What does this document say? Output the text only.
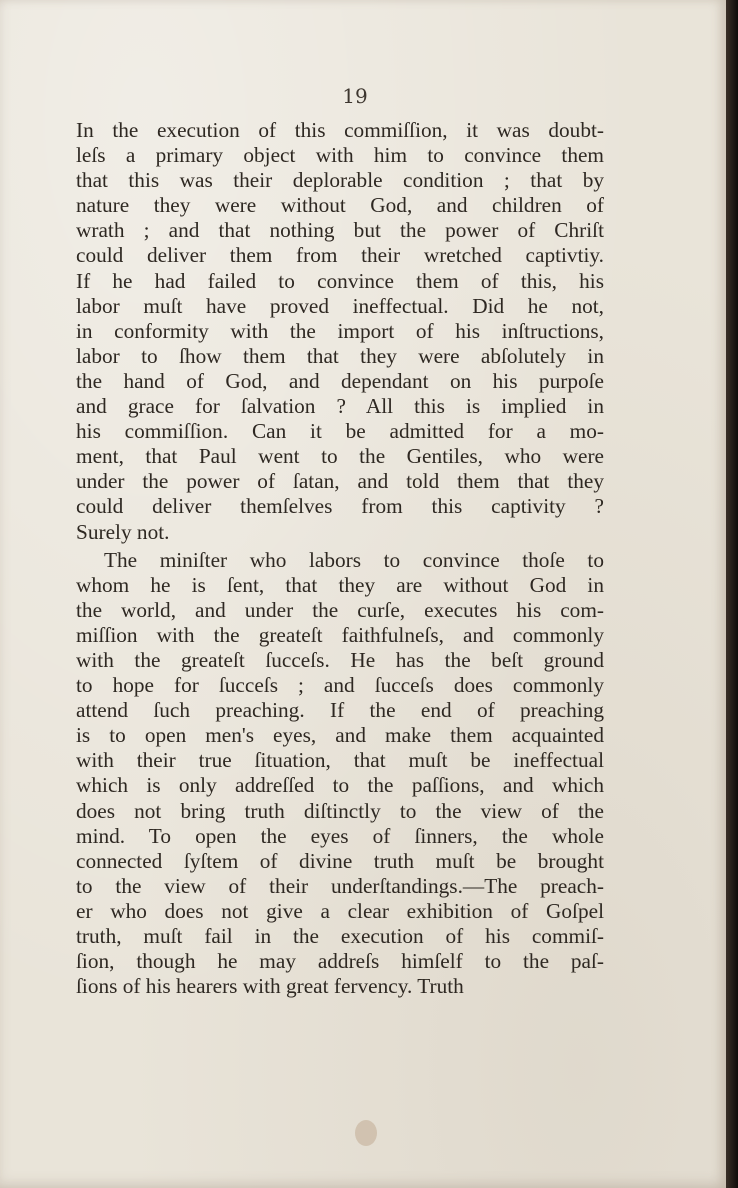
19
In the execution of this commiſſion, it was doubt-
leſs a primary object with him to convince them
that this was their deplorable condition ; that by
nature they were without God, and children of
wrath ; and that nothing but the power of Chriſt
could deliver them from their wretched captivtiy.
If he had failed to convince them of this, his
labor muſt have proved ineffectual. Did he not,
in conformity with the import of his inſtructions,
labor to ſhow them that they were abſolutely in
the hand of God, and dependant on his purpoſe
and grace for ſalvation ? All this is implied in
his commiſſion. Can it be admitted for a mo-
ment, that Paul went to the Gentiles, who were
under the power of ſatan, and told them that they
could deliver themſelves from this captivity ?
Surely not.
The miniſter who labors to convince thoſe to
whom he is ſent, that they are without God in
the world, and under the curſe, executes his com-
miſſion with the greateſt faithfulneſs, and commonly
with the greateſt ſucceſs. He has the beſt ground
to hope for ſucceſs ; and ſucceſs does commonly
attend ſuch preaching. If the end of preaching
is to open men's eyes, and make them acquainted
with their true ſituation, that muſt be ineffectual
which is only addreſſed to the paſſions, and which
does not bring truth diſtinctly to the view of the
mind. To open the eyes of ſinners, the whole
connected ſyſtem of divine truth muſt be brought
to the view of their underſtandings.—The preach-
er who does not give a clear exhibition of Goſpel
truth, muſt fail in the execution of his commiſ-
ſion, though he may addreſs himſelf to the paſ-
ſions of his hearers with great fervency. Truth
